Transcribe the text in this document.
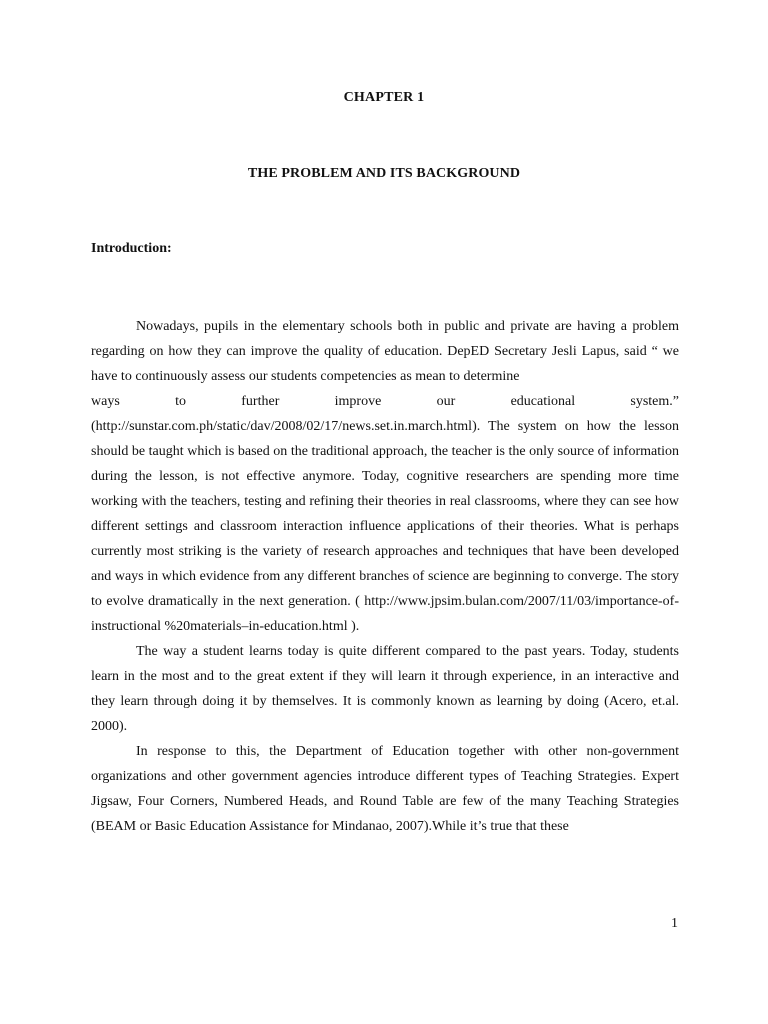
CHAPTER 1
THE PROBLEM AND ITS BACKGROUND
Introduction:

Nowadays, pupils in the elementary schools both in public and private are having a problem regarding on how they can improve the quality of education. DepED Secretary Jesli Lapus, said “ we have to continuously assess our students competencies as mean to determine
ways to further improve our educational system.”
(http://sunstar.com.ph/static/dav/2008/02/17/news.set.in.march.html). The system on how the lesson should be taught which is based on the traditional approach, the teacher is the only source of information during the lesson, is not effective anymore. Today, cognitive researchers are spending more time working with the teachers, testing and refining their theories in real classrooms, where they can see how different settings and classroom interaction influence applications of their theories. What is perhaps currently most striking is the variety of research approaches and techniques that have been developed and ways in which evidence from any different branches of science are beginning to converge. The story to evolve dramatically in the next generation. ( http://www.jpsim.bulan.com/2007/11/03/importance-of-instructional %20materials–in-education.html ).

The way a student learns today is quite different compared to the past years. Today, students learn in the most and to the great extent if they will learn it through experience, in an interactive and they learn through doing it by themselves. It is commonly known as learning by doing (Acero, et.al. 2000).

In response to this, the Department of Education together with other non-government organizations and other government agencies introduce different types of Teaching Strategies. Expert Jigsaw, Four Corners, Numbered Heads, and Round Table are few of the many Teaching Strategies (BEAM or Basic Education Assistance for Mindanao, 2007).While it’s true that these

1
